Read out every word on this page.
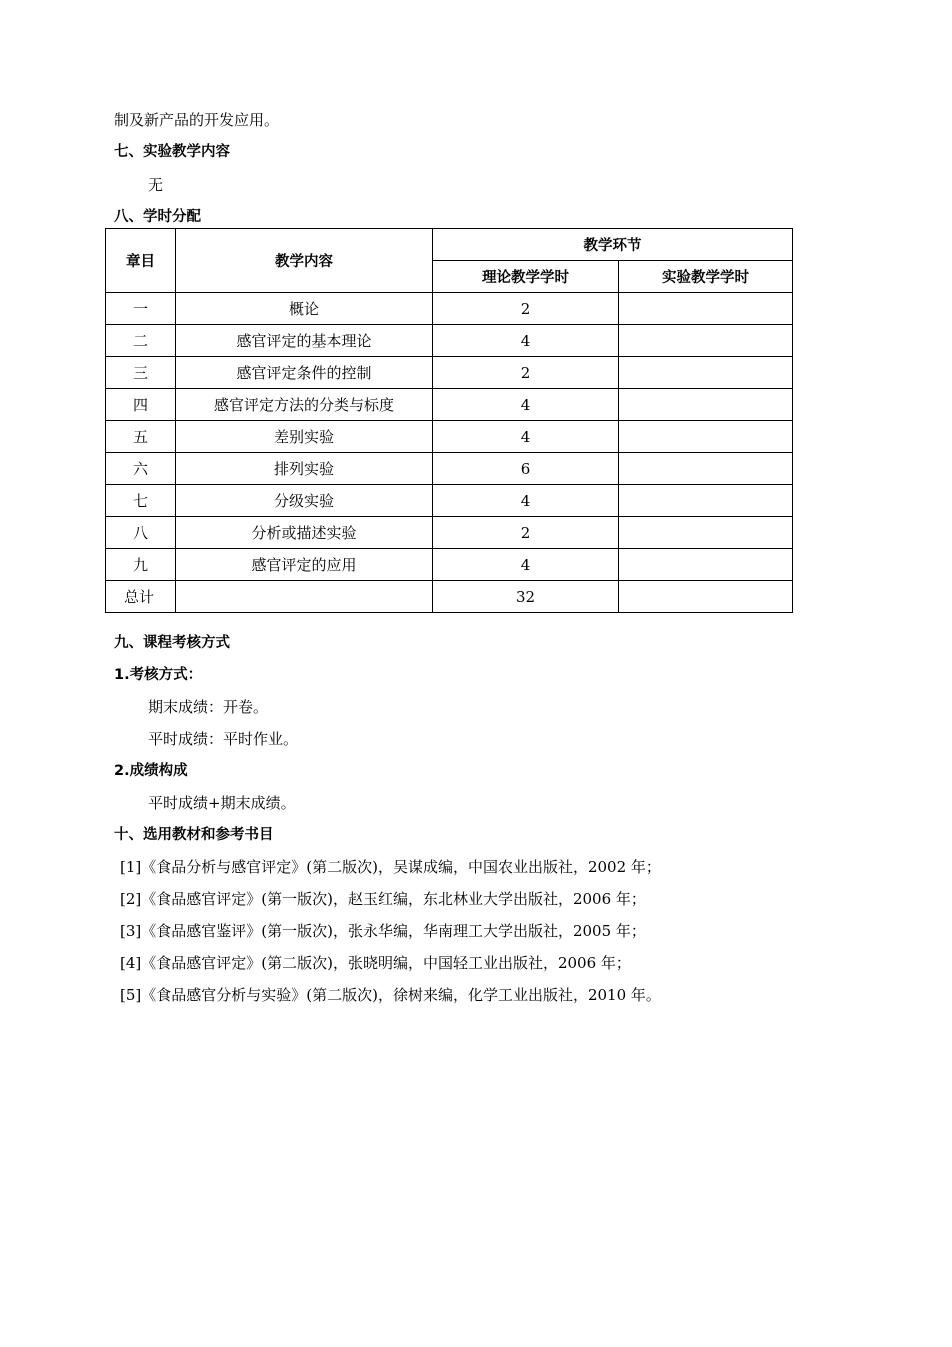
制及新产品的开发应用。
七、实验教学内容
无
八、学时分配
章目	教学内容	教学环节	
		理论教学学时	实验教学学时
一	概论	2	
二	感官评定的基本理论	4	
三	感官评定条件的控制	2	
四	感官评定方法的分类与标度	4	
五	差别实验	4	
六	排列实验	6	
七	分级实验	4	
八	分析或描述实验	2	
九	感官评定的应用	4	
总计		32	
九、课程考核方式
1.考核方式：
期末成绩：开卷。
平时成绩：平时作业。
2.成绩构成
平时成绩+期末成绩。
十、选用教材和参考书目
[1]《食品分析与感官评定》(第二版次)，吴谋成编，中国农业出版社，2002 年；
[2]《食品感官评定》(第一版次)，赵玉红编，东北林业大学出版社，2006 年；
[3]《食品感官鉴评》(第一版次)，张永华编，华南理工大学出版社，2005 年；
[4]《食品感官评定》(第二版次)，张晓明编，中国轻工业出版社，2006 年；
[5]《食品感官分析与实验》(第二版次)，徐树来编，化学工业出版社，2010 年。
